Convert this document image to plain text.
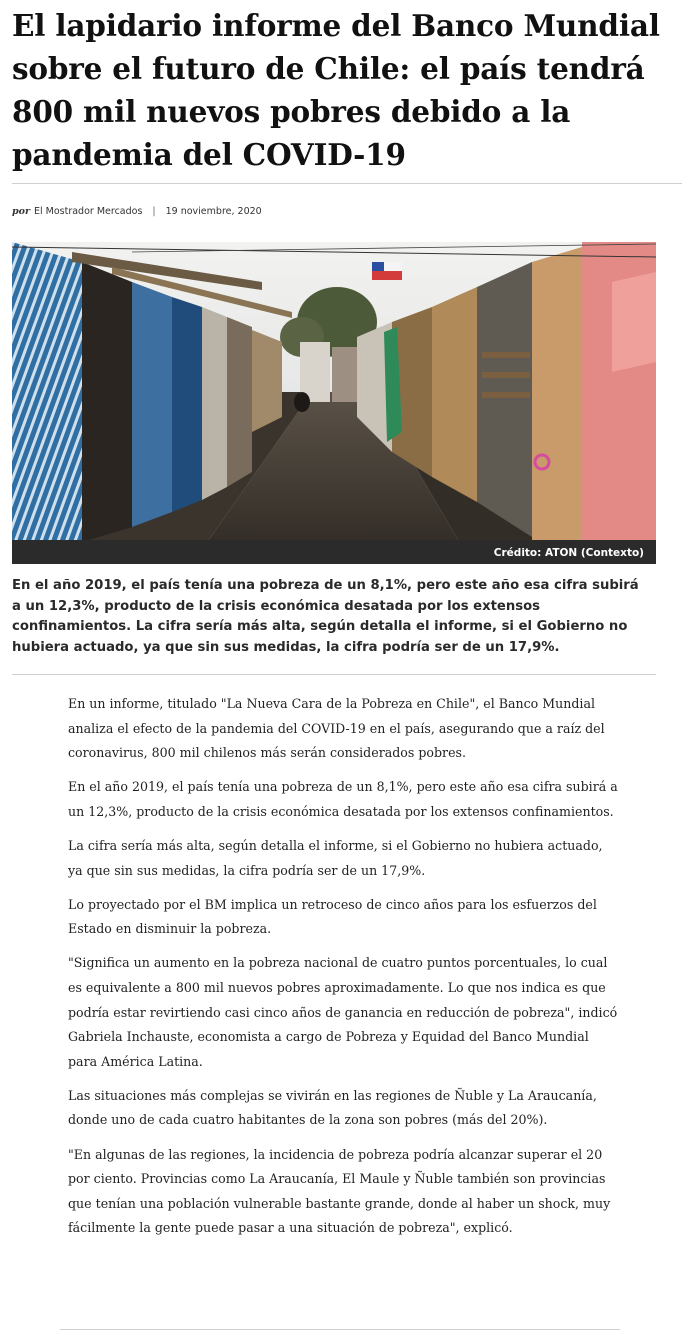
El lapidario informe del Banco Mundial sobre el futuro de Chile: el país tendrá 800 mil nuevos pobres debido a la pandemia del COVID-19
por El Mostrador Mercados | 19 noviembre, 2020
Crédito: ATON (Contexto)

En el año 2019, el país tenía una pobreza de un 8,1%, pero este año esa cifra subirá a un 12,3%, producto de la crisis económica desatada por los extensos confinamientos. La cifra sería más alta, según detalla el informe, si el Gobierno no hubiera actuado, ya que sin sus medidas, la cifra podría ser de un 17,9%.

En un informe, titulado "La Nueva Cara de la Pobreza en Chile", el Banco Mundial analiza el efecto de la pandemia del COVID-19 en el país, asegurando que a raíz del coronavirus, 800 mil chilenos más serán considerados pobres.

En el año 2019, el país tenía una pobreza de un 8,1%, pero este año esa cifra subirá a un 12,3%, producto de la crisis económica desatada por los extensos confinamientos.

La cifra sería más alta, según detalla el informe, si el Gobierno no hubiera actuado, ya que sin sus medidas, la cifra podría ser de un 17,9%.

Lo proyectado por el BM implica un retroceso de cinco años para los esfuerzos del Estado en disminuir la pobreza.

"Significa un aumento en la pobreza nacional de cuatro puntos porcentuales, lo cual es equivalente a 800 mil nuevos pobres aproximadamente. Lo que nos indica es que podría estar revirtiendo casi cinco años de ganancia en reducción de pobreza", indicó Gabriela Inchauste, economista a cargo de Pobreza y Equidad del Banco Mundial para América Latina.

Las situaciones más complejas se vivirán en las regiones de Ñuble y La Araucanía, donde uno de cada cuatro habitantes de la zona son pobres (más del 20%).

"En algunas de las regiones, la incidencia de pobreza podría alcanzar superar el 20 por ciento. Provincias como La Araucanía, El Maule y Ñuble también son provincias que tenían una población vulnerable bastante grande, donde al haber un shock, muy fácilmente la gente puede pasar a una situación de pobreza", explicó.
